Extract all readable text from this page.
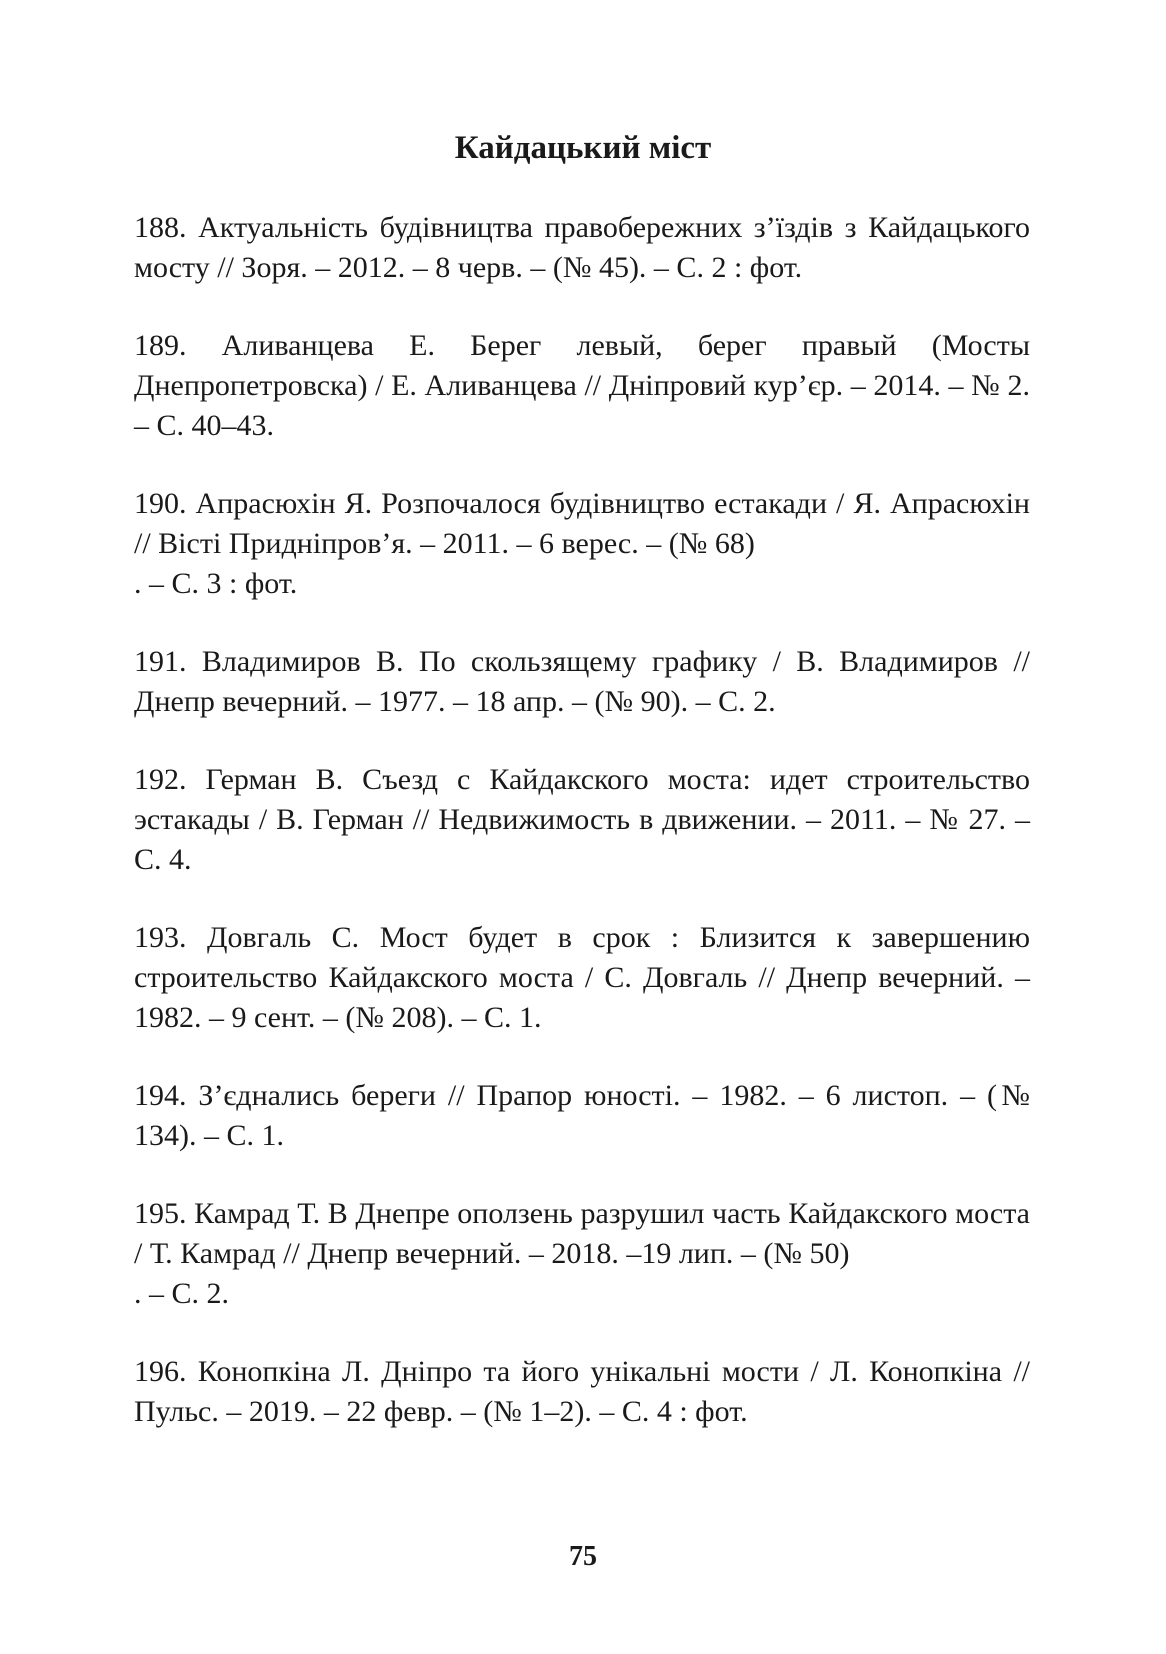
Кайдацький міст

188. Актуальність будівництва правобережних з’їздів з Кайдацького мосту // Зоря. – 2012. – 8 черв. – (№ 45). – С. 2 : фот.

189. Аливанцева Е. Берег левый, берег правый (Мосты Днепропетровска) / Е. Аливанцева // Дніпровий кур’єр. – 2014. – № 2. – С. 40–43.

190. Апрасюхін Я. Розпочалося будівництво естакади / Я. Апрасюхін // Вісті Придніпров’я. – 2011. – 6 верес. – (№ 68)
. – С. 3 : фот.

191. Владимиров В. По скользящему графику / В. Владимиров // Днепр вечерний. – 1977. – 18 апр. – (№ 90). – С. 2.

192. Герман В. Съезд с Кайдакского моста: идет строительство эстакады / В. Герман // Недвижимость в движении. – 2011. – № 27. – С. 4.

193. Довгаль С. Мост будет в срок : Близится к завершению строительство Кайдакского моста / С. Довгаль // Днепр вечерний. – 1982. – 9 сент. – (№ 208). – С. 1.

194. З’єднались береги // Прапор юності. – 1982. – 6 листоп. – (№ 134). – С. 1.

195. Камрад Т. В Днепре оползень разрушил часть Кайдакского моста / Т. Камрад // Днепр вечерний. – 2018. –19 лип. – (№ 50)
. – С. 2.

196. Конопкіна Л. Дніпро та його унікальні мости / Л. Конопкіна // Пульс. – 2019. – 22 февр. – (№ 1–2). – С. 4 : фот.

75
